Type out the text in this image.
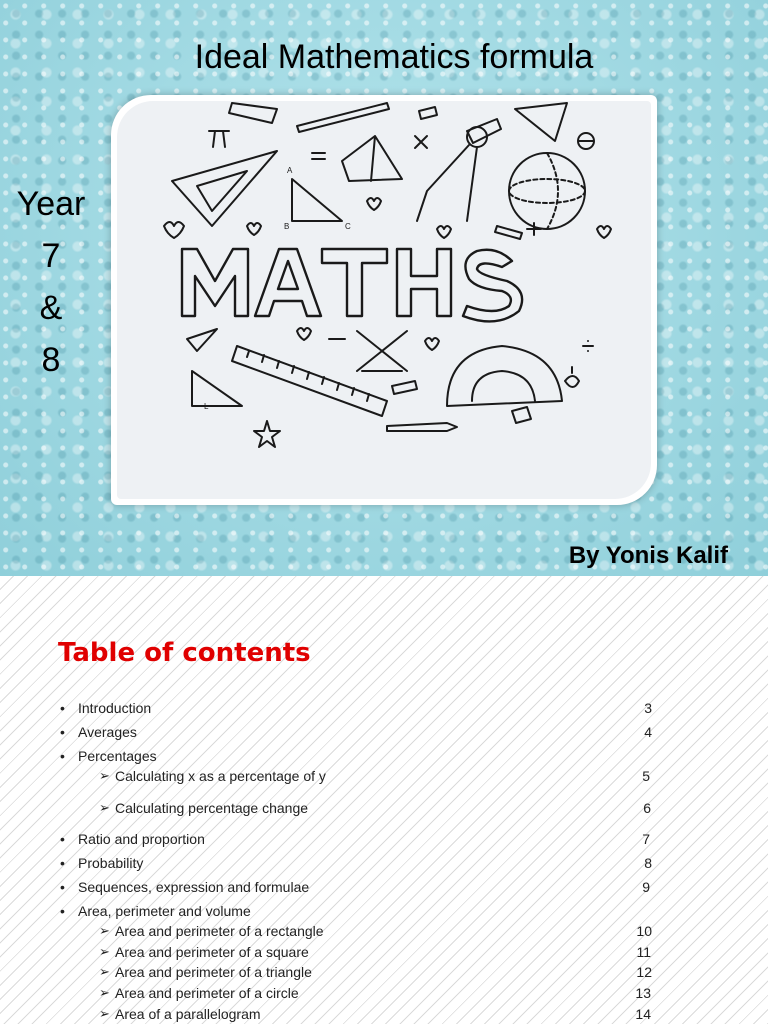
Ideal Mathematics formula
Year
7
&
8
L
A
B	C
By Yonis Kalif
Table of contents
• Introduction	3
• Averages	4
• Percentages
➢ Calculating x as a percentage of y	5
➢ Calculating percentage change	6
• Ratio and proportion	7
• Probability	8
• Sequences, expression and formulae	9
• Area, perimeter and volume
➢ Area and perimeter of a rectangle	10
➢ Area and perimeter of a square	11
➢ Area and perimeter of a triangle	12
➢ Area and perimeter of a circle	13
➢ Area of a parallelogram	14
